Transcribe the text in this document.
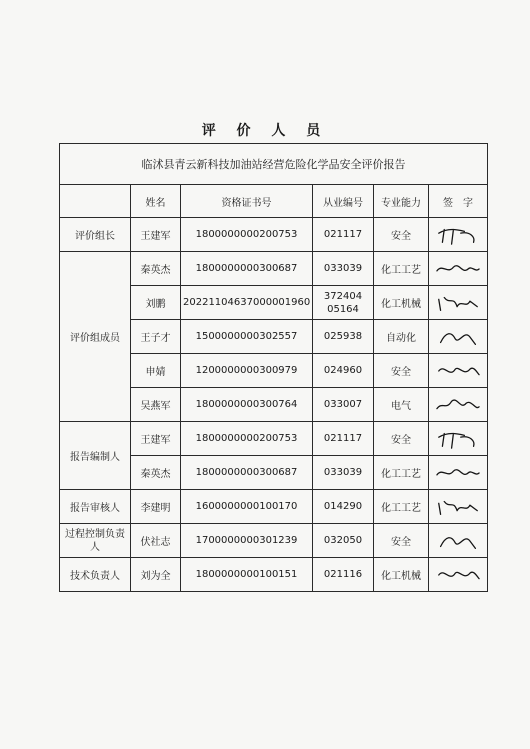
评 价 人 员
临沭县青云新科技加油站经营危险化学品安全评价报告					
	姓名	资格证书号	从业编号	专业能力	签　字
评价组长	王建军	1800000000200753	021117	安全	

评价组成员	秦英杰	1800000000300687	033039	化工工艺	

	刘鹏	2022110463700000196​0	372404 05164	化工机械	

	王子才	1500000000302557	025938	自动化	

	申婧	1200000000300979	024960	安全	

	吴燕军	1800000000300764	033007	电气	

报告编制人	王建军	1800000000200753	021117	安全	

	秦英杰	1800000000300687	033039	化工工艺	

报告审核人	李建明	1600000000100170	014290	化工工艺	

过程控制负责人	伏社志	1700000000301239	032050	安全	

技术负责人	刘为全	1800000000100151	021116	化工机械	
